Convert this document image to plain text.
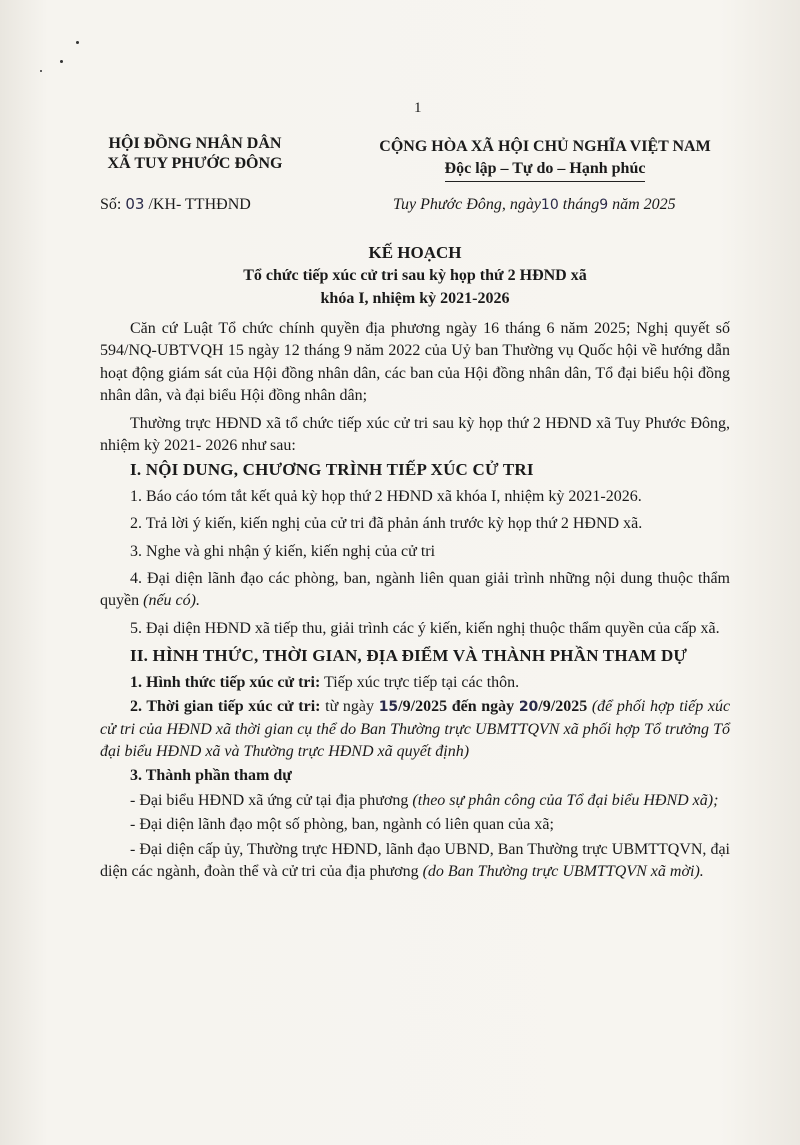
1
HỘI ĐỒNG NHÂN DÂN
XÃ TUY PHƯỚC ĐÔNG
CỘNG HÒA XÃ HỘI CHỦ NGHĨA VIỆT NAM
Độc lập – Tự do – Hạnh phúc
Số: 03 /KH- TTHĐND	Tuy Phước Đông, ngày10 tháng9 năm 2025
KẾ HOẠCH
Tổ chức tiếp xúc cử tri sau kỳ họp thứ 2 HĐND xã
khóa I, nhiệm kỳ 2021-2026

Căn cứ Luật Tổ chức chính quyền địa phương ngày 16 tháng 6 năm 2025; Nghị quyết số 594/NQ-UBTVQH 15 ngày 12 tháng 9 năm 2022 của Uỷ ban Thường vụ Quốc hội về hướng dẫn hoạt động giám sát của Hội đồng nhân dân, các ban của Hội đồng nhân dân, Tổ đại biểu hội đồng nhân dân, và đại biểu Hội đồng nhân dân;

Thường trực HĐND xã tổ chức tiếp xúc cử tri sau kỳ họp thứ 2 HĐND xã Tuy Phước Đông, nhiệm kỳ 2021- 2026 như sau:

I. NỘI DUNG, CHƯƠNG TRÌNH TIẾP XÚC CỬ TRI

1. Báo cáo tóm tắt kết quả kỳ họp thứ 2 HĐND xã khóa I, nhiệm kỳ 2021-2026.

2. Trả lời ý kiến, kiến nghị của cử tri đã phản ánh trước kỳ họp thứ 2 HĐND xã.

3. Nghe và ghi nhận ý kiến, kiến nghị của cử tri

4. Đại diện lãnh đạo các phòng, ban, ngành liên quan giải trình những nội dung thuộc thẩm quyền (nếu có).

5. Đại diện HĐND xã tiếp thu, giải trình các ý kiến, kiến nghị thuộc thẩm quyền của cấp xã.

II. HÌNH THỨC, THỜI GIAN, ĐỊA ĐIỂM VÀ THÀNH PHẦN THAM DỰ

1. Hình thức tiếp xúc cử tri: Tiếp xúc trực tiếp tại các thôn.

2. Thời gian tiếp xúc cử tri: từ ngày 15/9/2025 đến ngày 20/9/2025 (để phối hợp tiếp xúc cử tri của HĐND xã thời gian cụ thể do Ban Thường trực UBMTTQVN xã phối hợp Tổ trưởng Tổ đại biểu HĐND xã và Thường trực HĐND xã quyết định)

3. Thành phần tham dự

- Đại biểu HĐND xã ứng cử tại địa phương (theo sự phân công của Tổ đại biểu HĐND xã);

- Đại diện lãnh đạo một số phòng, ban, ngành có liên quan của xã;

- Đại diện cấp ủy, Thường trực HĐND, lãnh đạo UBND, Ban Thường trực UBMTTQVN, đại diện các ngành, đoàn thể và cử tri của địa phương (do Ban Thường trực UBMTTQVN xã mời).
